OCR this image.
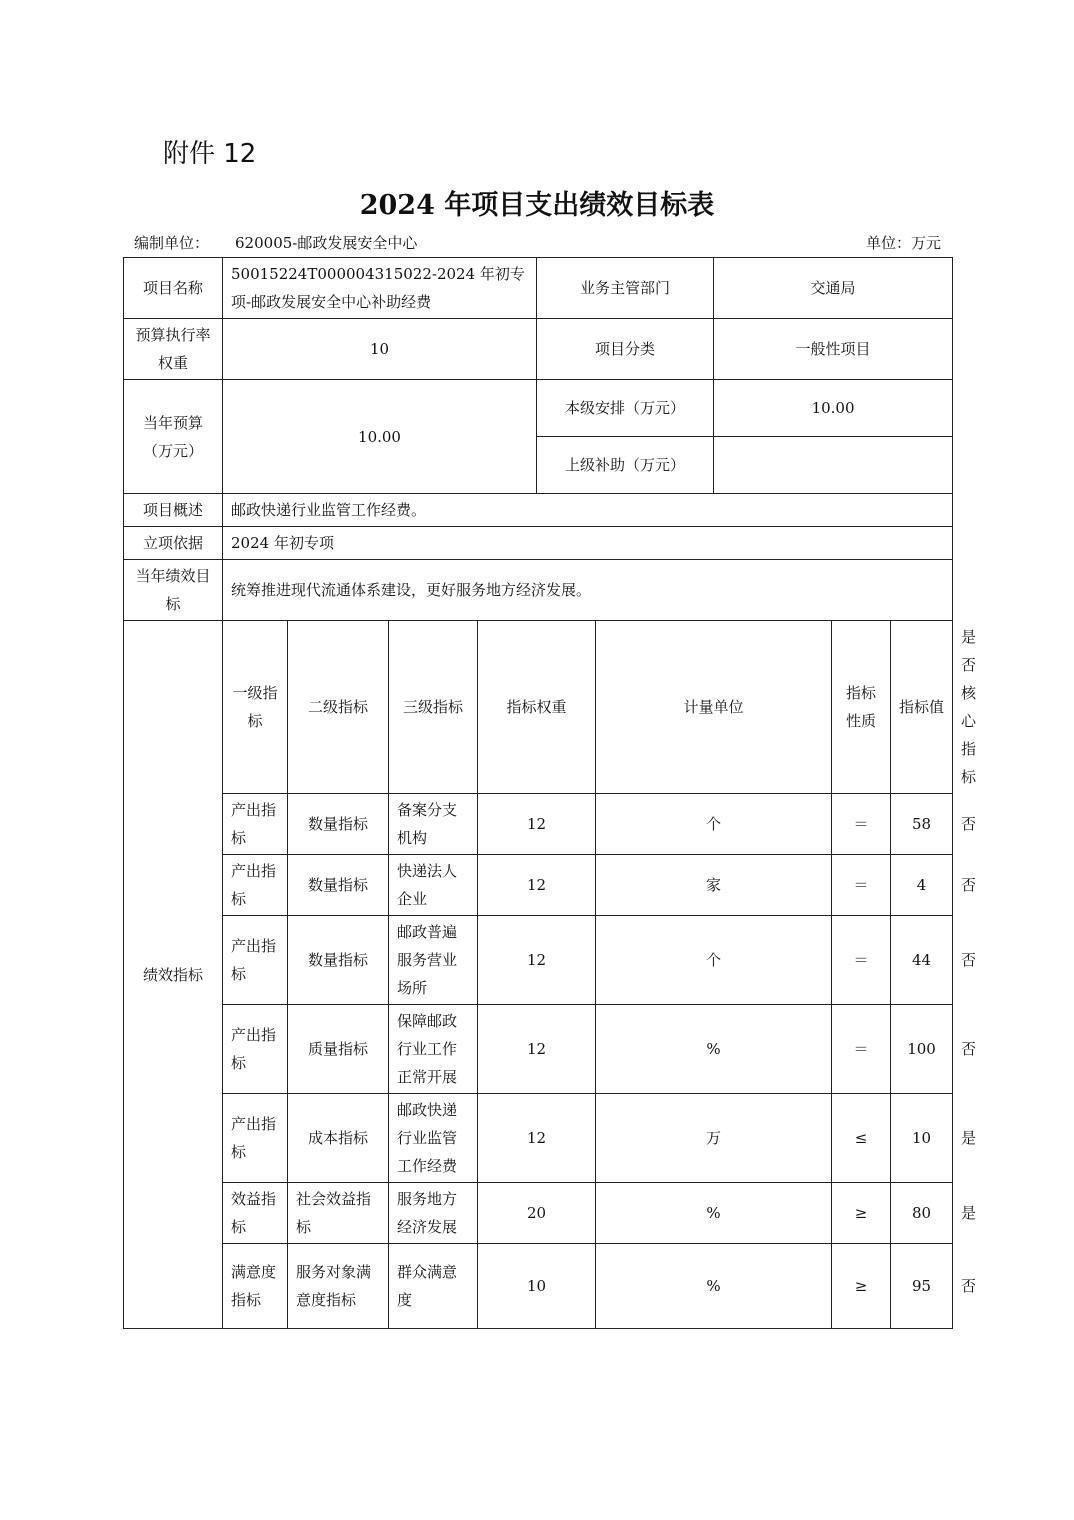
附件 12
2024 年项目支出绩效目标表
编制单位： 620005-邮政发展安全中心	单位：万元
项目名称	50015224T000004315022-2024 年初专项-邮政发展安全中心补助经费				业务主管部门		交通局			
预算执行率权重	10				项目分类		一般性项目			
当年预算（万元）	10.00				本级安排（万元）		10.00			
					上级补助（万元）					
项目概述	邮政快递行业监管工作经费。									
立项依据	2024 年初专项									
当年绩效目标	统筹推进现代流通体系建设，更好服务地方经济发展。									
绩效指标	一级指标	二级指标	三级指标	指标权重		计量单位		指标性质	指标值	是否核心指标
	产出指标	数量指标	备案分支机构	12		个		＝	58	否
	产出指标	数量指标	快递法人企业	12		家		＝	4	否
	产出指标	数量指标	邮政普遍服务营业场所	12		个		＝	44	否
	产出指标	质量指标	保障邮政行业工作正常开展	12		%		＝	100	否
	产出指标	成本指标	邮政快递行业监管工作经费	12		万		≤	10	是
	效益指标	社会效益指标	服务地方经济发展	20		%		≥	80	是
	满意度指标	服务对象满意度指标	群众满意度	10		%		≥	95	否
